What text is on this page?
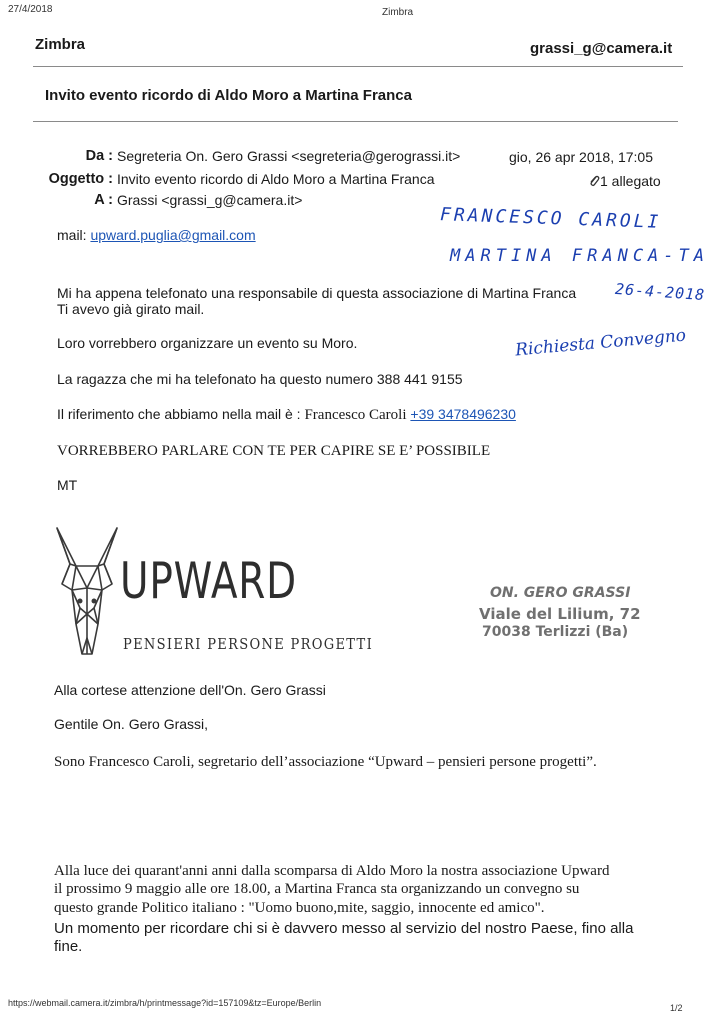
27/4/2018	Zimbra
Zimbra	grassi_g@camera.it
Invito evento ricordo di Aldo Moro a Martina Franca
Da : Segreteria On. Gero Grassi <segreteria@gerograssi.it>	gio, 26 apr 2018, 17:05
Oggetto : Invito evento ricordo di Aldo Moro a Martina Franca	1 allegato
A : Grassi <grassi_g@camera.it>
mail: upward.puglia@gmail.com
Mi ha appena telefonato una responsabile di questa associazione di Martina Franca
Ti avevo già girato mail.
Loro vorrebbero organizzare un evento su Moro.
La ragazza che mi ha telefonato ha questo numero 388 441 9155
Il riferimento che abbiamo nella mail è : Francesco Caroli +39 3478496230
VORREBBERO PARLARE CON TE PER CAPIRE SE E’ POSSIBILE
MT
FRANCESCO CAROLI
MARTINA FRANCA-TA
26-4-2018
Richiesta Convegno
UPWARD
PENSIERI PERSONE PROGETTI
ON. GERO GRASSI
Viale del Lilium, 72
70038 Terlizzi (Ba)
Alla cortese attenzione dell'On. Gero Grassi
Gentile On. Gero Grassi,
Sono Francesco Caroli, segretario dell’associazione “Upward – pensieri persone progetti”.
Alla luce dei quarant'anni anni dalla scomparsa di Aldo Moro la nostra associazione Upward
il prossimo 9 maggio alle ore 18.00, a Martina Franca sta organizzando un convegno su
questo grande Politico italiano : "Uomo buono,mite, saggio, innocente ed amico".
Un momento per ricordare chi si è davvero messo al servizio del nostro Paese, fino alla
fine.
https://webmail.camera.it/zimbra/h/printmessage?id=157109&tz=Europe/Berlin	1/2
